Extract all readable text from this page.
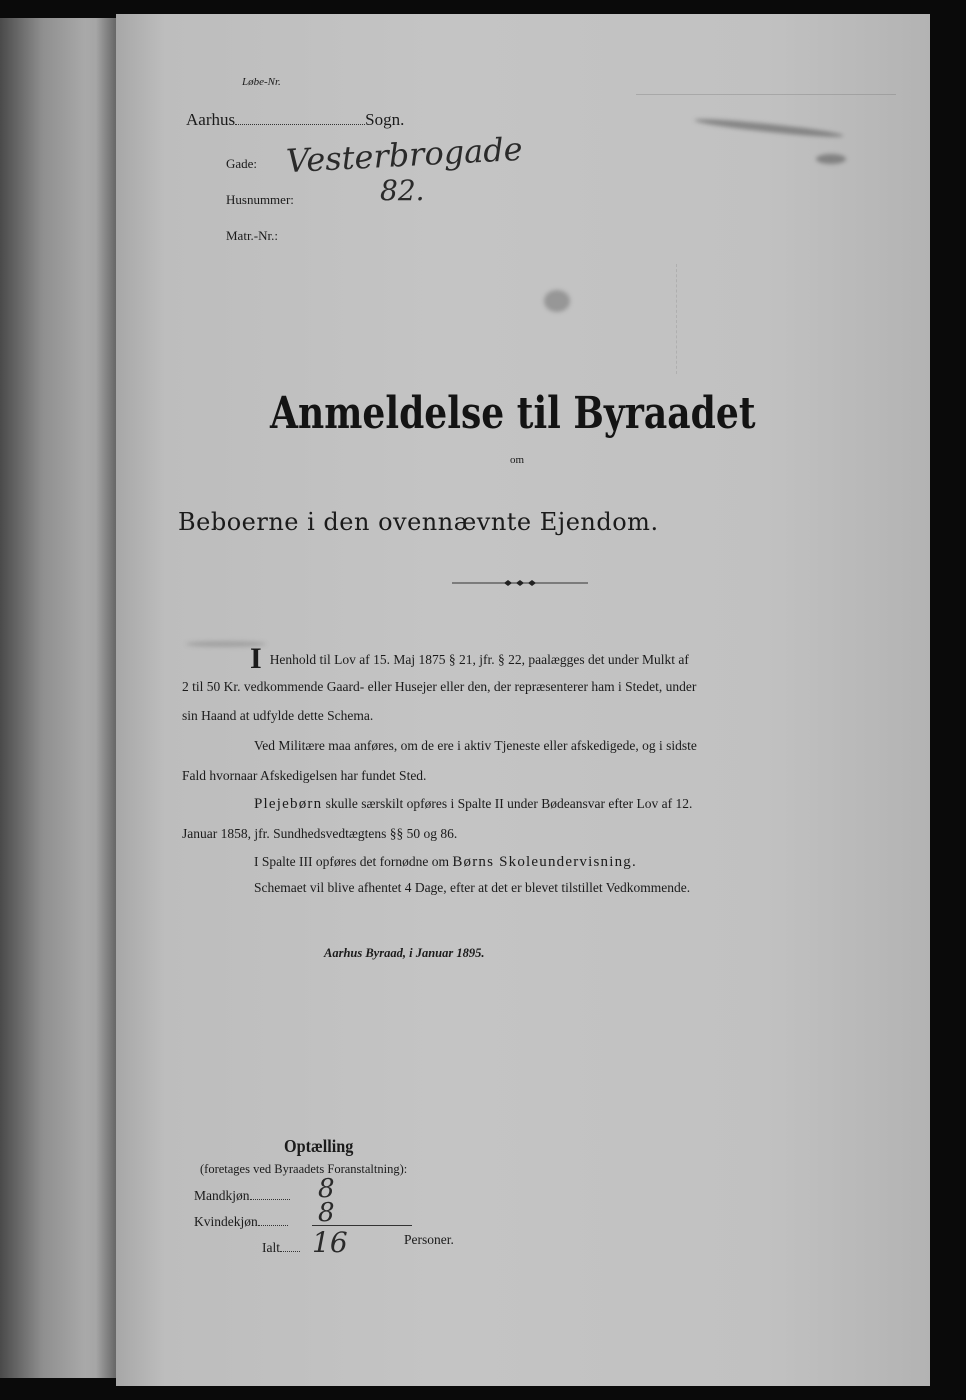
Løbe-Nr.
Aarhus	Sogn.
Gade: Vesterbrogade
Husnummer:	82.
Matr.-Nr.:
Anmeldelse til Byraadet
om
Beboerne i den ovennævnte Ejendom.
I Henhold til Lov af 15. Maj 1875 § 21, jfr. § 22, paalægges det under Mulkt af
2 til 50 Kr. vedkommende Gaard- eller Husejer eller den, der repræsenterer ham i Stedet, under
sin Haand at udfylde dette Schema.
Ved Militære maa anføres, om de ere i aktiv Tjeneste eller afskedigede, og i sidste
Fald hvornaar Afskedigelsen har fundet Sted.
Plejebørn skulle særskilt opføres i Spalte II under Bødeansvar efter Lov af 12.
Januar 1858, jfr. Sundhedsvedtægtens §§ 50 og 86.
I Spalte III opføres det fornødne om Børns Skoleundervisning.
Schemaet vil blive afhentet 4 Dage, efter at det er blevet tilstillet Vedkommende.
Aarhus Byraad, i Januar 1895.
Optælling
(foretages ved Byraadets Foranstaltning):
Mandkjøn	8
Kvindekjøn	8
Ialt	16	Personer.
